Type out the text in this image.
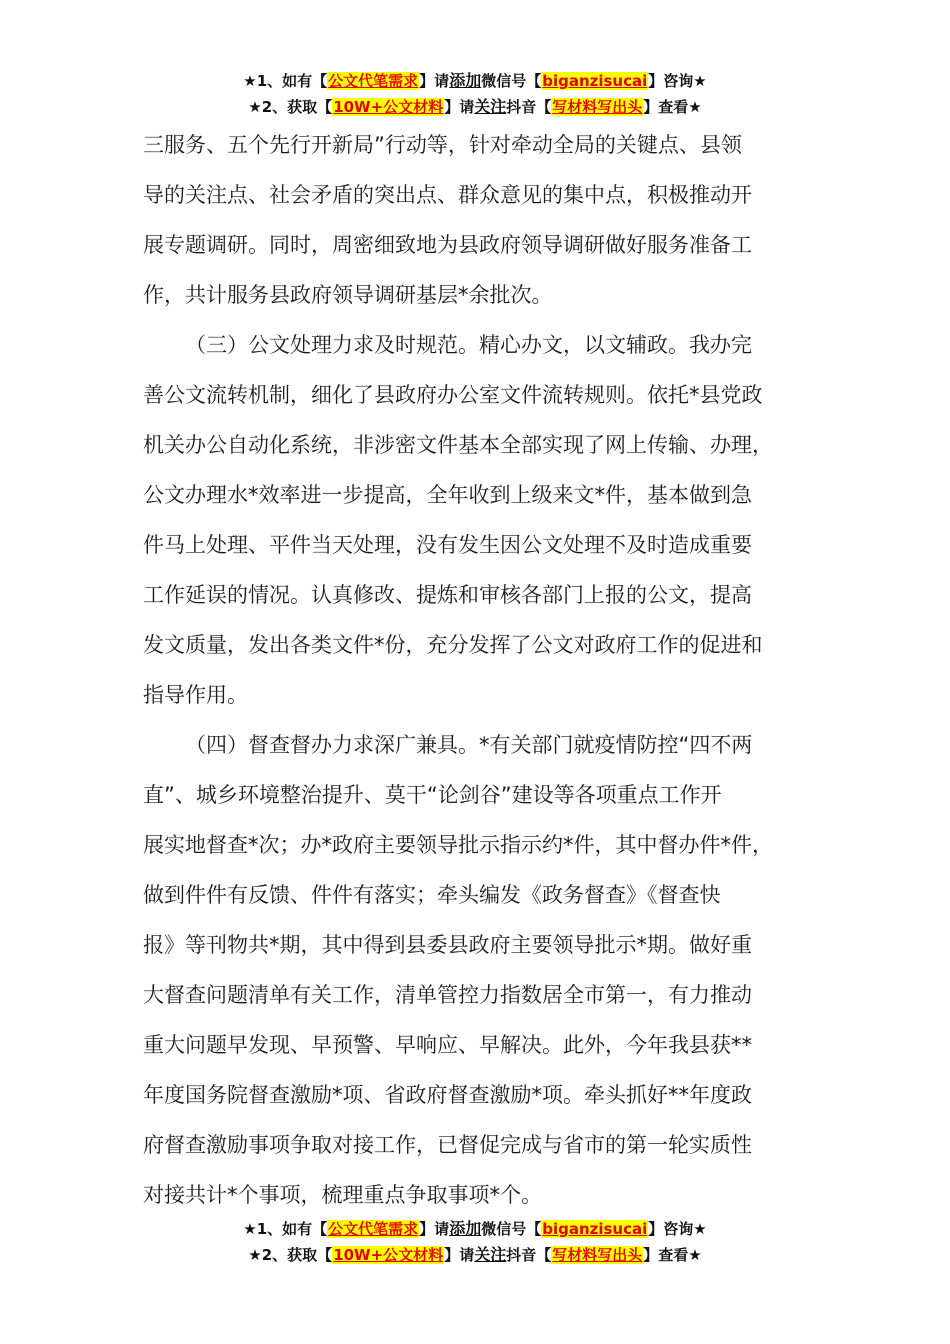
★1、如有【公文代笔需求】请添加微信号【biganzisucai】咨询★
★2、获取【10W+公文材料】请关注抖音【写材料写出头】查看★
三服务、五个先行开新局”行动等，针对牵动全局的关键点、县领
导的关注点、社会矛盾的突出点、群众意见的集中点，积极推动开
展专题调研。同时，周密细致地为县政府领导调研做好服务准备工
作，共计服务县政府领导调研基层*余批次。
（三）公文处理力求及时规范。精心办文，以文辅政。我办完
善公文流转机制，细化了县政府办公室文件流转规则。依托*县党政
机关办公自动化系统，非涉密文件基本全部实现了网上传输、办理，
公文办理水*效率进一步提高，全年收到上级来文*件，基本做到急
件马上处理、平件当天处理，没有发生因公文处理不及时造成重要
工作延误的情况。认真修改、提炼和审核各部门上报的公文，提高
发文质量，发出各类文件*份，充分发挥了公文对政府工作的促进和
指导作用。
（四）督查督办力求深广兼具。*有关部门就疫情防控“四不两
直”、城乡环境整治提升、莫干“论剑谷”建设等各项重点工作开
展实地督查*次；办*政府主要领导批示指示约*件，其中督办件*件，
做到件件有反馈、件件有落实；牵头编发《政务督查》《督查快
报》等刊物共*期，其中得到县委县政府主要领导批示*期。做好重
大督查问题清单有关工作，清单管控力指数居全市第一，有力推动
重大问题早发现、早预警、早响应、早解决。此外，今年我县获**
年度国务院督查激励*项、省政府督查激励*项。牵头抓好**年度政
府督查激励事项争取对接工作，已督促完成与省市的第一轮实质性
对接共计*个事项，梳理重点争取事项*个。
★1、如有【公文代笔需求】请添加微信号【biganzisucai】咨询★
★2、获取【10W+公文材料】请关注抖音【写材料写出头】查看★
